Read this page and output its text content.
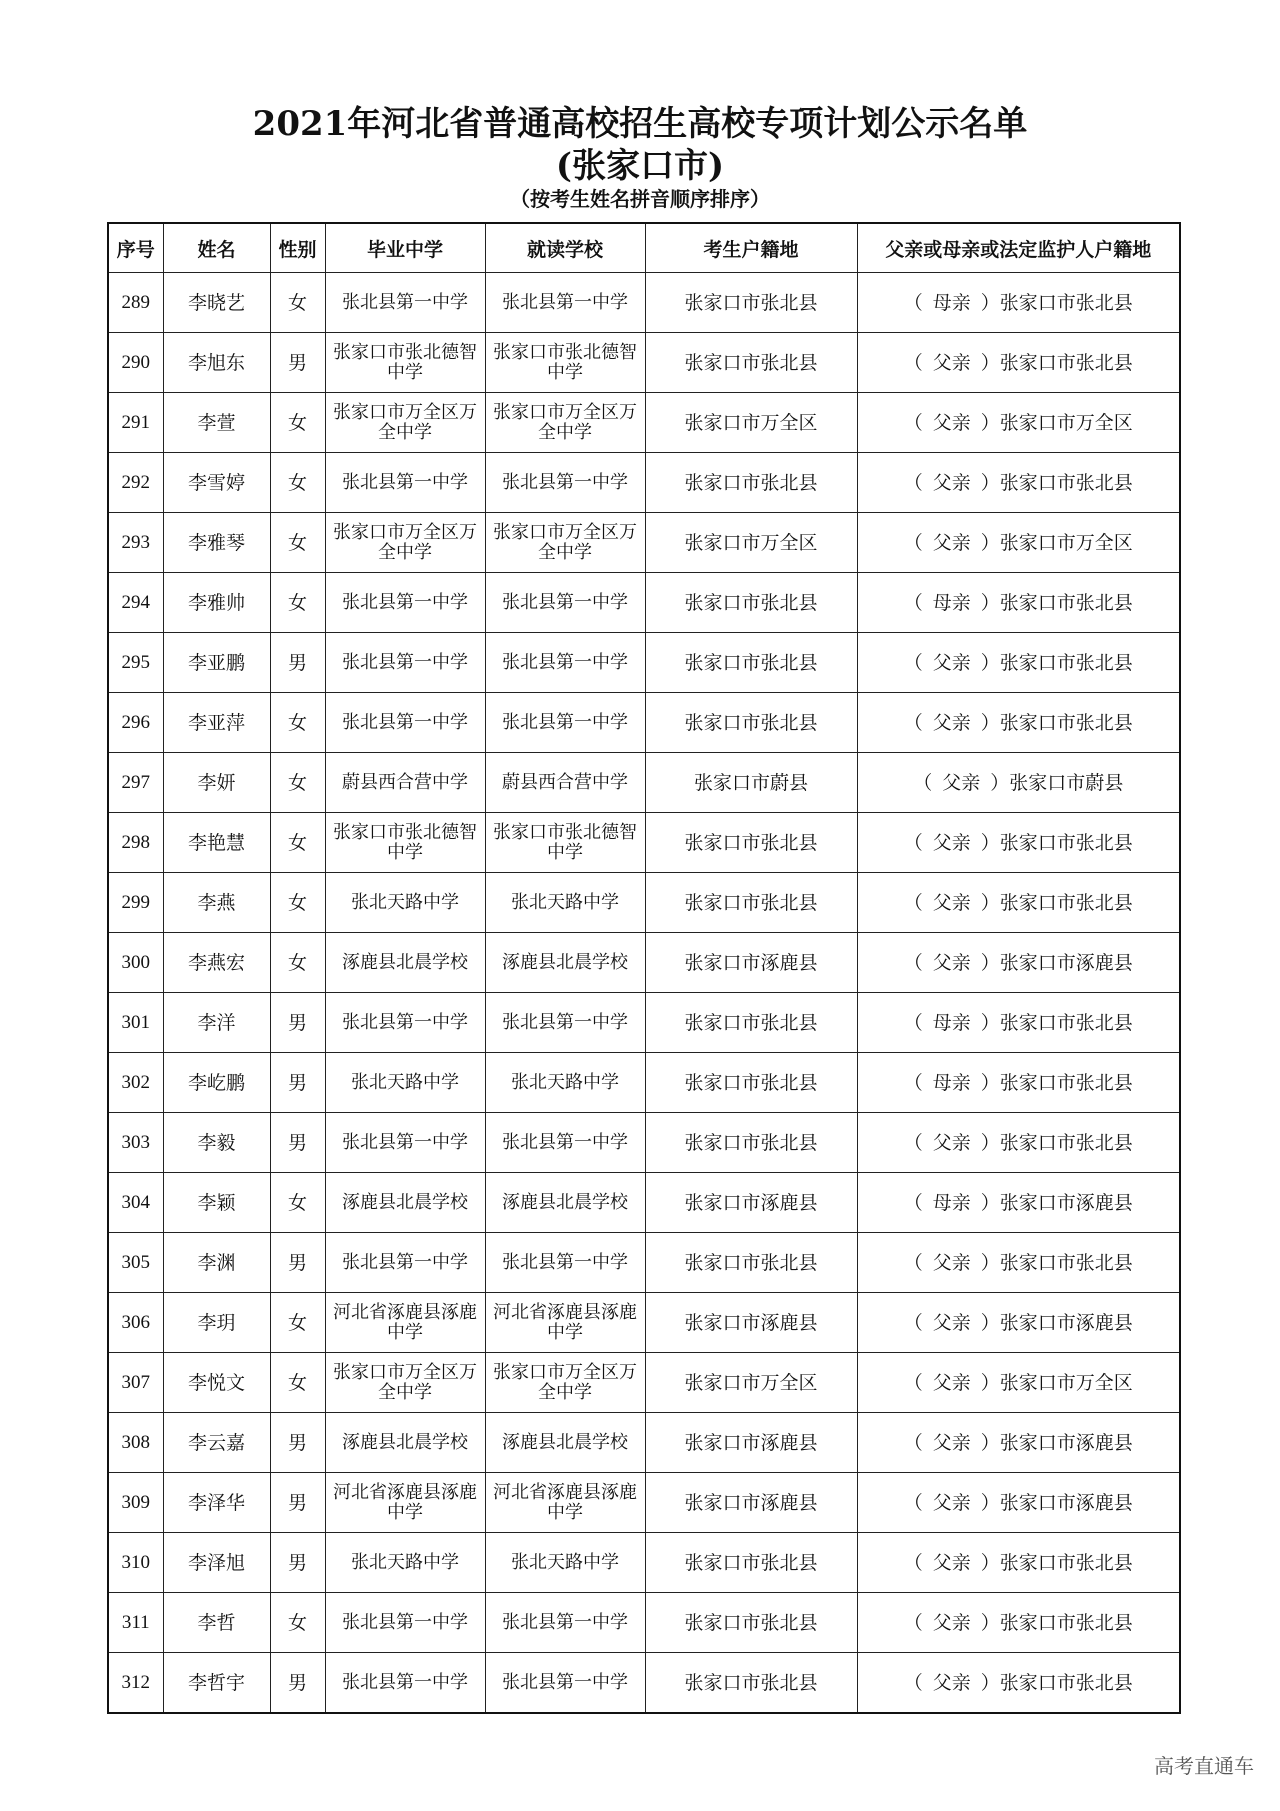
2021年河北省普通高校招生高校专项计划公示名单
(张家口市)
（按考生姓名拼音顺序排序）
序号	姓名	性别	毕业中学	就读学校	考生户籍地	父亲或母亲或法定监护人户籍地
289	李晓艺	女	张北县第一中学	张北县第一中学	张家口市张北县	（ 母亲 ）张家口市张北县
290	李旭东	男	张家口市张北德智中学	张家口市张北德智中学	张家口市张北县	（ 父亲 ）张家口市张北县
291	李萱	女	张家口市万全区万全中学	张家口市万全区万全中学	张家口市万全区	（ 父亲 ）张家口市万全区
292	李雪婷	女	张北县第一中学	张北县第一中学	张家口市张北县	（ 父亲 ）张家口市张北县
293	李雅琴	女	张家口市万全区万全中学	张家口市万全区万全中学	张家口市万全区	（ 父亲 ）张家口市万全区
294	李雅帅	女	张北县第一中学	张北县第一中学	张家口市张北县	（ 母亲 ）张家口市张北县
295	李亚鹏	男	张北县第一中学	张北县第一中学	张家口市张北县	（ 父亲 ）张家口市张北县
296	李亚萍	女	张北县第一中学	张北县第一中学	张家口市张北县	（ 父亲 ）张家口市张北县
297	李妍	女	蔚县西合营中学	蔚县西合营中学	张家口市蔚县	（ 父亲 ）张家口市蔚县
298	李艳慧	女	张家口市张北德智中学	张家口市张北德智中学	张家口市张北县	（ 父亲 ）张家口市张北县
299	李燕	女	张北天路中学	张北天路中学	张家口市张北县	（ 父亲 ）张家口市张北县
300	李燕宏	女	涿鹿县北晨学校	涿鹿县北晨学校	张家口市涿鹿县	（ 父亲 ）张家口市涿鹿县
301	李洋	男	张北县第一中学	张北县第一中学	张家口市张北县	（ 母亲 ）张家口市张北县
302	李屹鹏	男	张北天路中学	张北天路中学	张家口市张北县	（ 母亲 ）张家口市张北县
303	李毅	男	张北县第一中学	张北县第一中学	张家口市张北县	（ 父亲 ）张家口市张北县
304	李颖	女	涿鹿县北晨学校	涿鹿县北晨学校	张家口市涿鹿县	（ 母亲 ）张家口市涿鹿县
305	李渊	男	张北县第一中学	张北县第一中学	张家口市张北县	（ 父亲 ）张家口市张北县
306	李玥	女	河北省涿鹿县涿鹿中学	河北省涿鹿县涿鹿中学	张家口市涿鹿县	（ 父亲 ）张家口市涿鹿县
307	李悦文	女	张家口市万全区万全中学	张家口市万全区万全中学	张家口市万全区	（ 父亲 ）张家口市万全区
308	李云嘉	男	涿鹿县北晨学校	涿鹿县北晨学校	张家口市涿鹿县	（ 父亲 ）张家口市涿鹿县
309	李泽华	男	河北省涿鹿县涿鹿中学	河北省涿鹿县涿鹿中学	张家口市涿鹿县	（ 父亲 ）张家口市涿鹿县
310	李泽旭	男	张北天路中学	张北天路中学	张家口市张北县	（ 父亲 ）张家口市张北县
311	李哲	女	张北县第一中学	张北县第一中学	张家口市张北县	（ 父亲 ）张家口市张北县
312	李哲宇	男	张北县第一中学	张北县第一中学	张家口市张北县	（ 父亲 ）张家口市张北县
高考直通车
